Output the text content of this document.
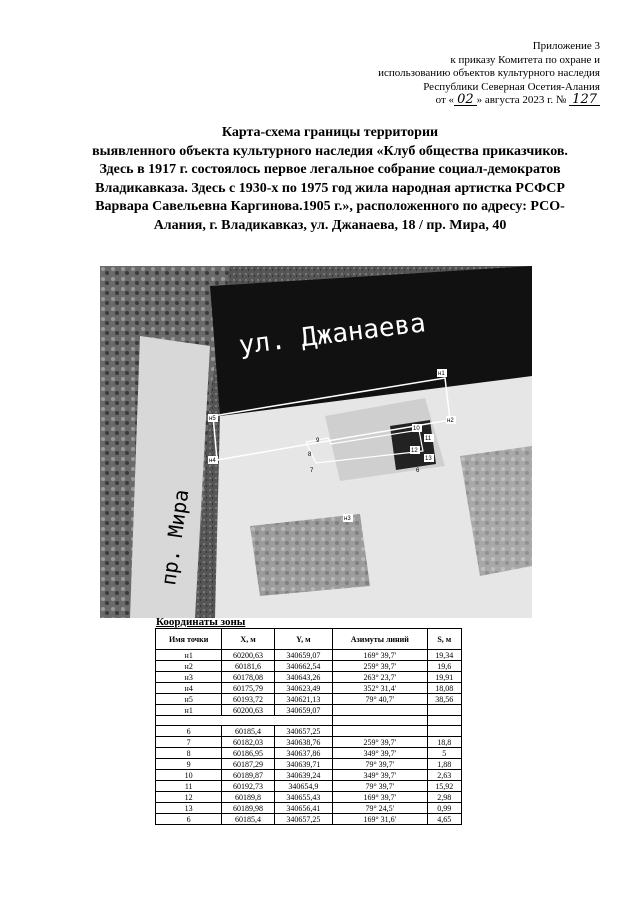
Приложение 3
к приказу Комитета по охране и
использованию объектов культурного наследия
Республики Северная Осетия-Алания
от « 02 » августа 2023 г. № 127
Карта-схема границы территории
выявленного объекта культурного наследия «Клуб общества приказчиков.
Здесь в 1917 г. состоялось первое легальное собрание социал-демократов
Владикавказа. Здесь с 1930-х по 1975 год жила народная артистка РСФСР
Варвара Савельевна Каргинова.1905 г.», расположенного по адресу: РСО-
Алания, г. Владикавказ, ул. Джанаева, 18 / пр. Мира, 40
ул. Джанаева
пр. Мира
10
11
12
13
9
8
7	6
н1
н2
н3
н4
н5
Координаты зоны
Имя точки	X, м	Y, м	Азимуты линий	S, м
н1	60200,63	340659,07	169° 39,7'	19,34
н2	60181,6	340662,54	259° 39,7'	19,6
н3	60178,08	340643,26	263° 23,7'	19,91
н4	60175,79	340623,49	352° 31,4'	18,08
н5	60193,72	340621,13	79° 40,7'	38,56
н1	60200,63	340659,07		

6	60185,4	340657,25		
7	60182,03	340638,76	259° 39,7'	18,8
8	60186,95	340637,86	349° 39,7'	5
9	60187,29	340639,71	79° 39,7'	1,88
10	60189,87	340639,24	349° 39,7'	2,63
11	60192,73	340654,9	79° 39,7'	15,92
12	60189,8	340655,43	169° 39,7'	2,98
13	60189,98	340656,41	79° 24,5'	0,99
6	60185,4	340657,25	169° 31,6'	4,65
